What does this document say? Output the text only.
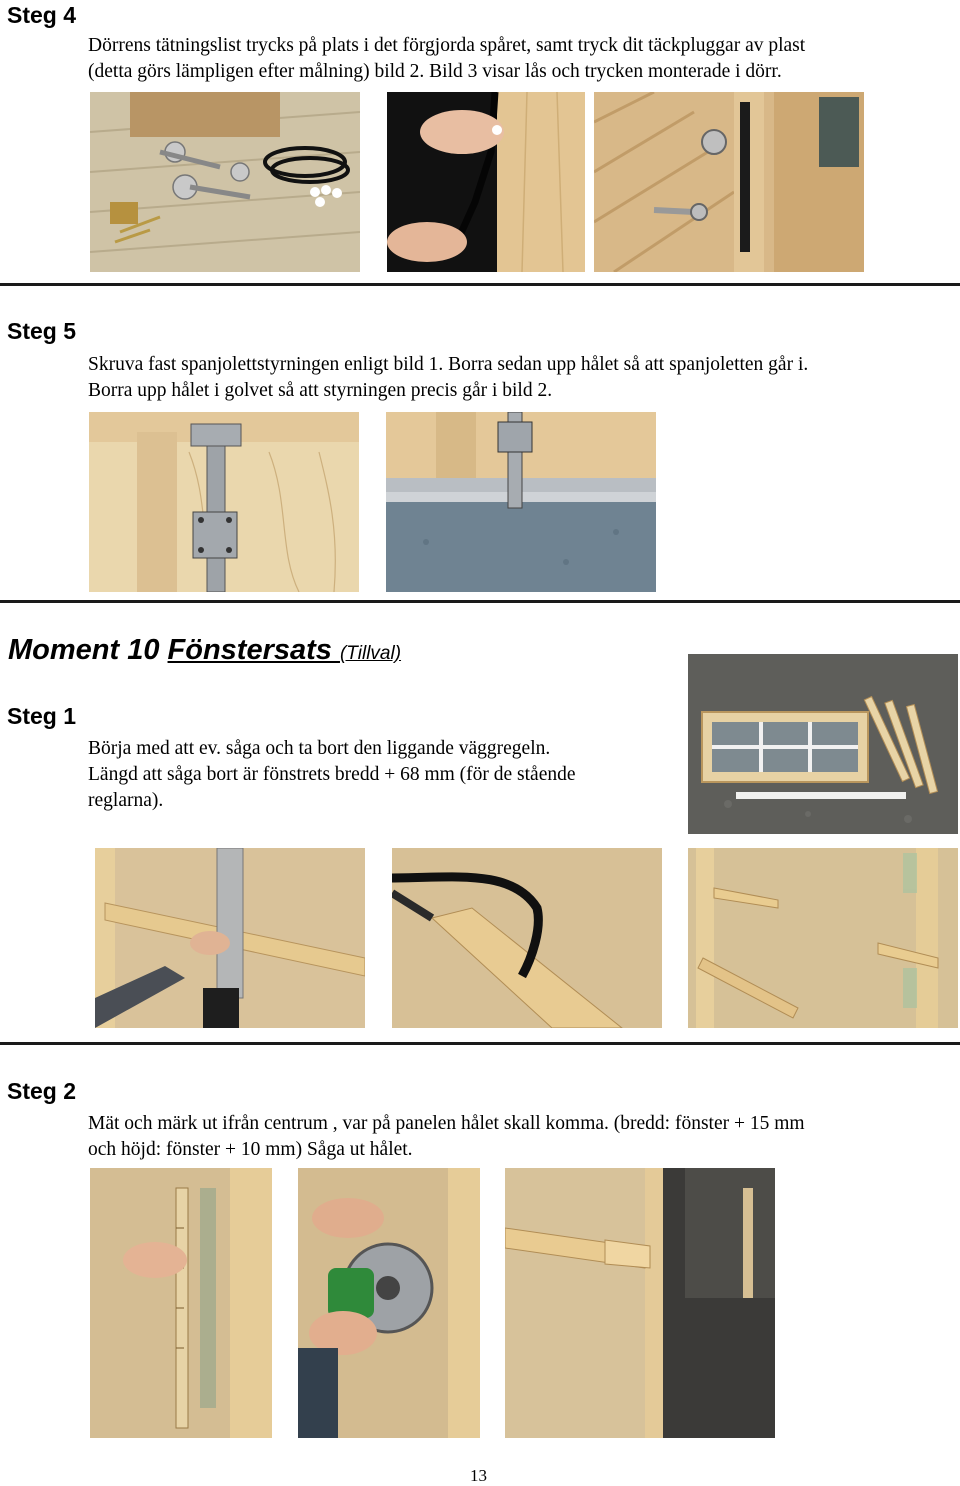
Steg 4

Dörrens tätningslist trycks på plats i det förgjorda spåret, samt tryck dit täckpluggar av plast

(detta görs lämpligen efter målning) bild 2. Bild 3 visar lås och trycken monterade i dörr.

Steg 5

Skruva fast spanjolettstyrningen enligt bild 1. Borra sedan upp hålet så att spanjoletten går i.

Borra upp hålet i golvet så att styrningen precis går i bild 2.

Moment 10 Fönstersats (Tillval)
Steg 1

Börja med att ev. såga och ta bort den liggande väggregeln.

Längd att såga bort är fönstrets bredd + 68 mm (för de stående

reglarna).

Steg 2

Mät och märk ut ifrån centrum , var på panelen hålet skall komma. (bredd: fönster + 15 mm

och höjd: fönster + 10 mm) Såga ut hålet.

13
